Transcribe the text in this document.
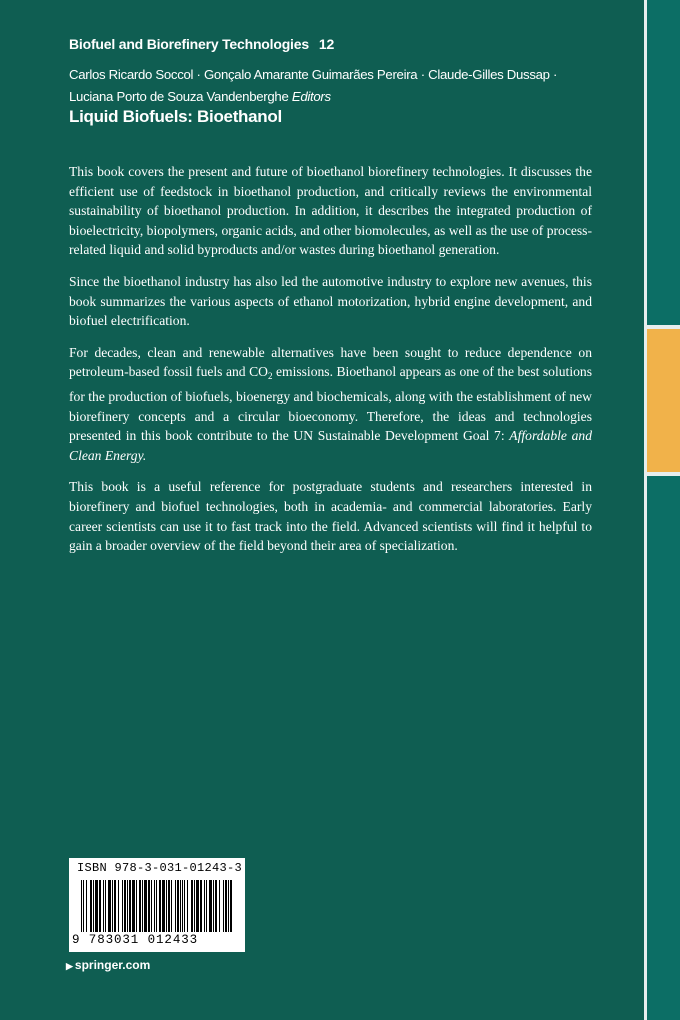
Biofuel and Biorefinery Technologies 12
Carlos Ricardo Soccol · Gonçalo Amarante Guimarães Pereira · Claude-Gilles Dussap ·
Luciana Porto de Souza Vandenberghe Editors
Liquid Biofuels: Bioethanol

This book covers the present and future of bioethanol biorefinery technologies. It discusses the efficient use of feedstock in bioethanol production, and critically reviews the environmental sustainability of bioethanol production. In addition, it describes the integrated production of bioelectricity, biopolymers, organic acids, and other biomolecules, as well as the use of process-related liquid and solid byproducts and/or wastes during bioethanol generation.

Since the bioethanol industry has also led the automotive industry to explore new avenues, this book summarizes the various aspects of ethanol motorization, hybrid engine development, and biofuel electrification.

For decades, clean and renewable alternatives have been sought to reduce dependence on petroleum-based fossil fuels and $CO_2$ emissions. Bioethanol appears as one of the best solutions for the production of biofuels, bioenergy and biochemicals, along with the establishment of new biorefinery concepts and a circular bioeconomy. Therefore, the ideas and technologies presented in this book contribute to the UN Sustainable Development Goal 7: Affordable and Clean Energy.

This book is a useful reference for postgraduate students and researchers interested in biorefinery and biofuel technologies, both in academia- and commercial laboratories. Early career scientists can use it to fast track into the field. Advanced scientists will find it helpful to gain a broader overview of the field beyond their area of specialization.

ISBN 978-3-031-01243-3
9 783031 012433
▶ springer.com
